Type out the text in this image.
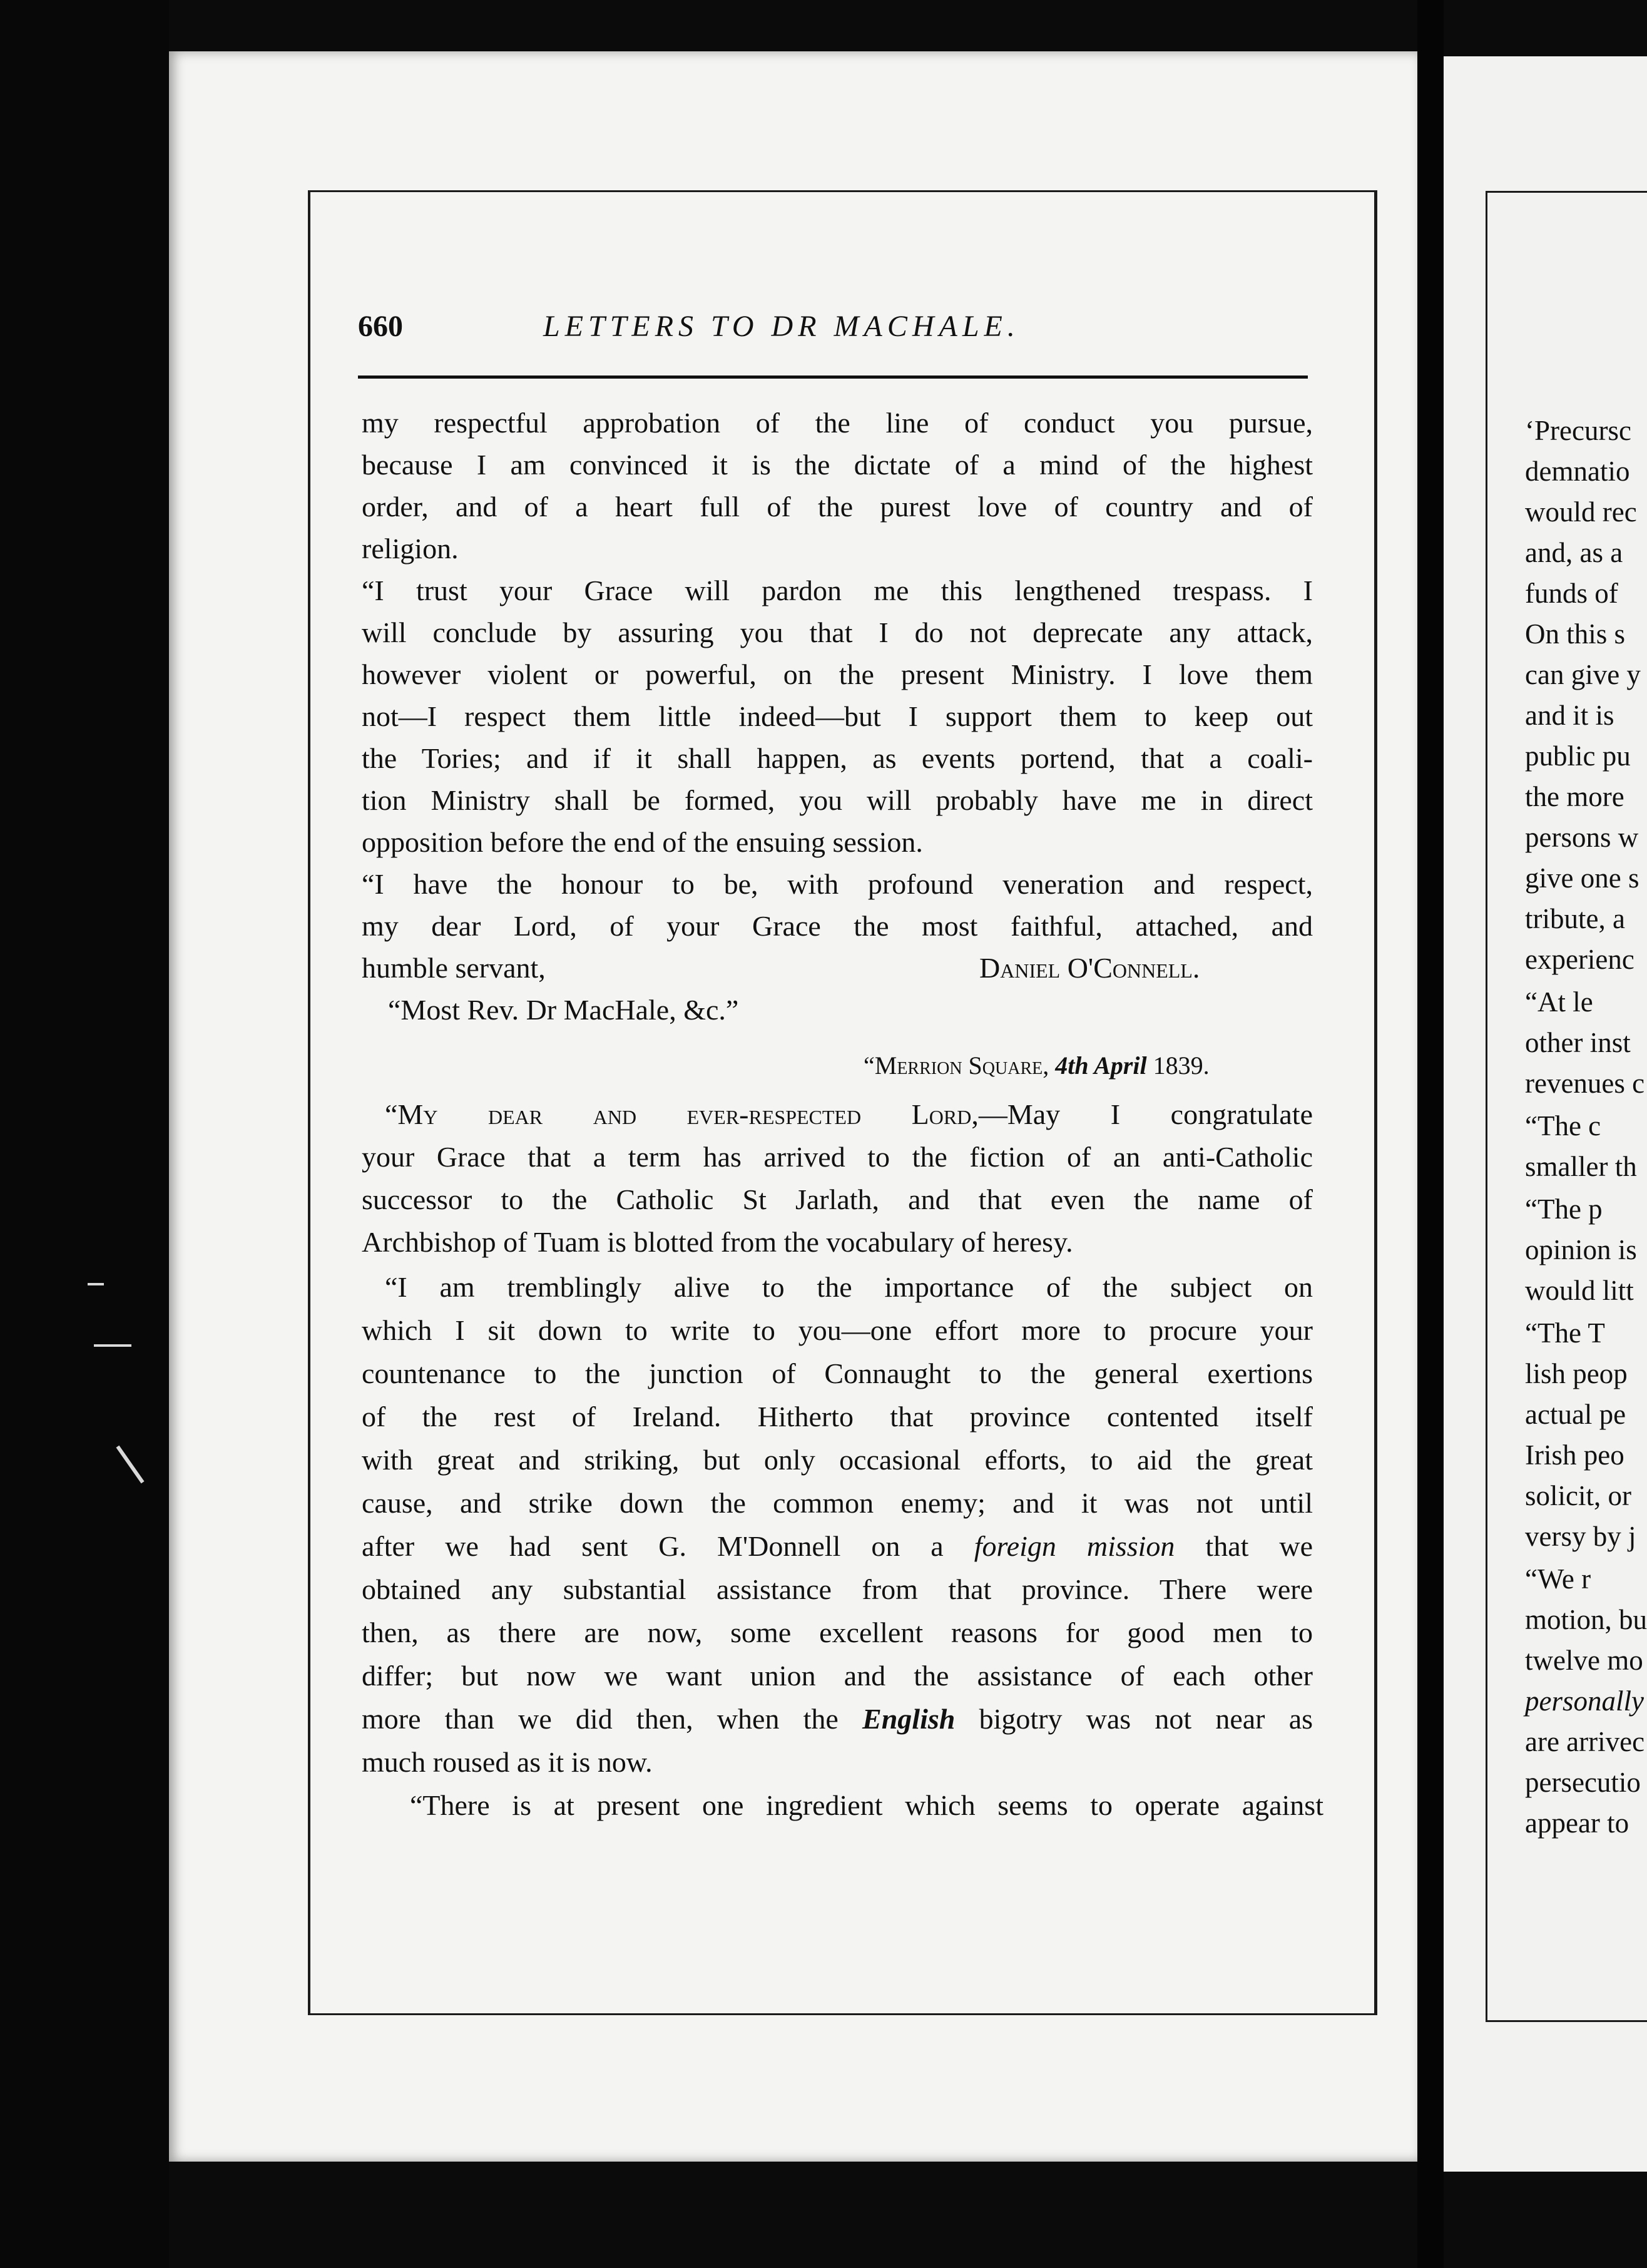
‘Precursc
demnatio
would rec
and, as a
funds of
On this s
can give y
and it is
public pu
the more
persons w
give one s
tribute, a
experienc
“At le
other inst
revenues c
“The c
smaller th
“The p
opinion is
would litt
“The T
lish peop
actual pe
Irish peo
solicit, or
versy by j
“We r
motion, bu
twelve mo
personally
are arrivec
persecutio
appear to
660	LETTERS TO DR MACHALE.
my respectful approbation of the line of conduct you pursue,
because I am convinced it is the dictate of a mind of the highest
order, and of a heart full of the purest love of country and of
religion.
“I trust your Grace will pardon me this lengthened trespass. I
will conclude by assuring you that I do not deprecate any attack,
however violent or powerful, on the present Ministry. I love them
not—I respect them little indeed—but I support them to keep out
the Tories; and if it shall happen, as events portend, that a coali-
tion Ministry shall be formed, you will probably have me in direct
opposition before the end of the ensuing session.
“I have the honour to be, with profound veneration and respect,
my dear Lord, of your Grace the most faithful, attached, and
humble servant,	Daniel O'Connell.
“Most Rev. Dr MacHale, &c.”
“Merrion Square, 4th April 1839.
“My dear and ever-respected Lord,—May I congratulate
your Grace that a term has arrived to the fiction of an anti-Catholic
successor to the Catholic St Jarlath, and that even the name of
Archbishop of Tuam is blotted from the vocabulary of heresy.
“I am tremblingly alive to the importance of the subject on
which I sit down to write to you—one effort more to procure your
countenance to the junction of Connaught to the general exertions
of the rest of Ireland. Hitherto that province contented itself
with great and striking, but only occasional efforts, to aid the great
cause, and strike down the common enemy; and it was not until
after we had sent G. M'Donnell on a foreign mission that we
obtained any substantial assistance from that province. There were
then, as there are now, some excellent reasons for good men to
differ; but now we want union and the assistance of each other
more than we did then, when the English bigotry was not near as
much roused as it is now.
“There is at present one ingredient which seems to operate against
